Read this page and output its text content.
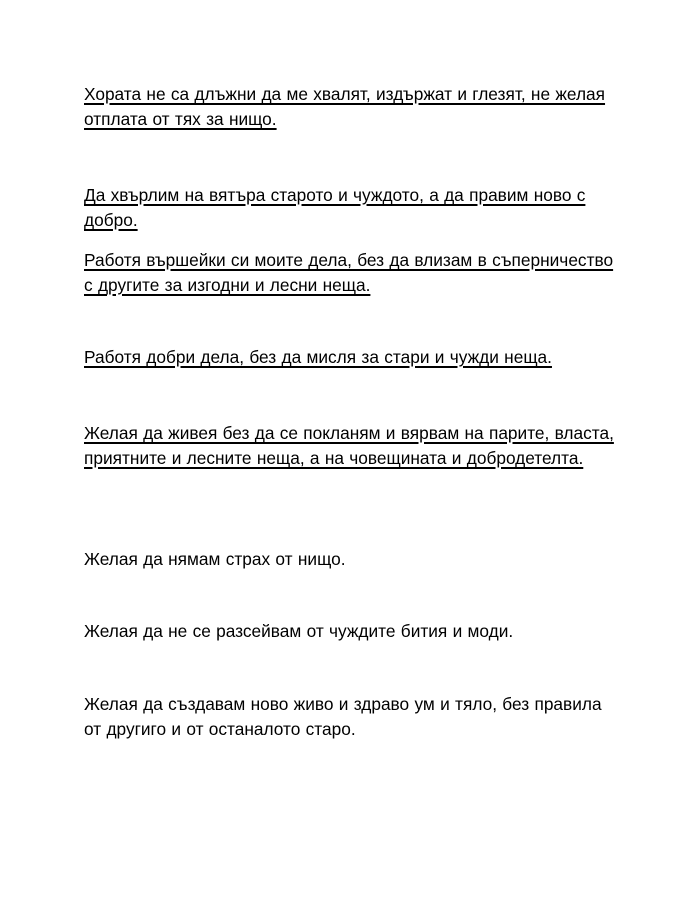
Хората не са длъжни да ме хвалят, издържат и глезят, не желая отплата от тях за нищо.

Да хвърлим на вятъра старото и чуждото, а да правим ново с добро.

Работя вършейки си моите дела, без да влизам в съперничество с другите за изгодни и лесни неща.

Работя добри дела, без да мисля за стари и чужди неща.

Желая да живея без да се покланям и вярвам на парите, власта, приятните и лесните неща, а на човещината и добродетелта.

Желая да нямам страх от нищо.

Желая да не се разсейвам от чуждите бития и моди.

Желая да създавам ново живо и здраво ум и тяло, без правила от другиго и от останалото старо.
